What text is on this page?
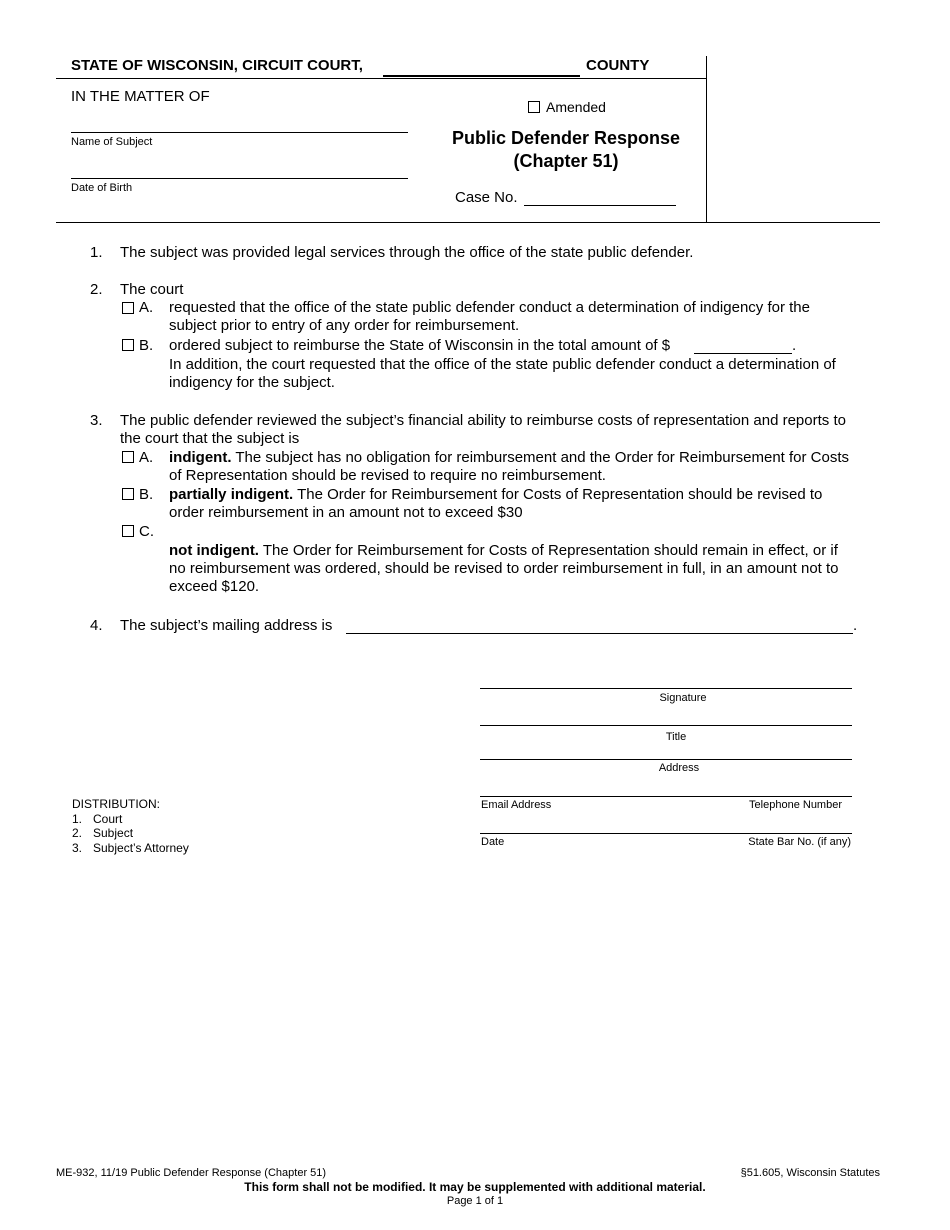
STATE OF WISCONSIN, CIRCUIT COURT,	COUNTY
IN THE MATTER OF
Name of Subject
Date of Birth
Amended
Public Defender Response
(Chapter 51)
Case No.
1. The subject was provided legal services through the office of the state public defender.
2. The court
A. requested that the office of the state public defender conduct a determination of indigency for the
subject prior to entry of any order for reimbursement.
B. ordered subject to reimburse the State of Wisconsin in the total amount of $	.
In addition, the court requested that the office of the state public defender conduct a determination of
indigency for the subject.
3. The public defender reviewed the subject’s financial ability to reimburse costs of representation and reports to
the court that the subject is
A. indigent. The subject has no obligation for reimbursement and the Order for Reimbursement for Costs
of Representation should be revised to require no reimbursement.
B. partially indigent. The Order for Reimbursement for Costs of Representation should be revised to
order reimbursement in an amount not to exceed $30
C.
not indigent. The Order for Reimbursement for Costs of Representation should remain in effect, or if
no reimbursement was ordered, should be revised to order reimbursement in full, in an amount not to
exceed $120.
4. The subject’s mailing address is	.
Signature
Title
Address
Email Address	Telephone Number
Date	State Bar No. (if any)
DISTRIBUTION:
1. Court
2. Subject
3. Subject’s Attorney
ME-932, 11/19 Public Defender Response (Chapter 51)	§51.605, Wisconsin Statutes
This form shall not be modified. It may be supplemented with additional material.
Page 1 of 1
